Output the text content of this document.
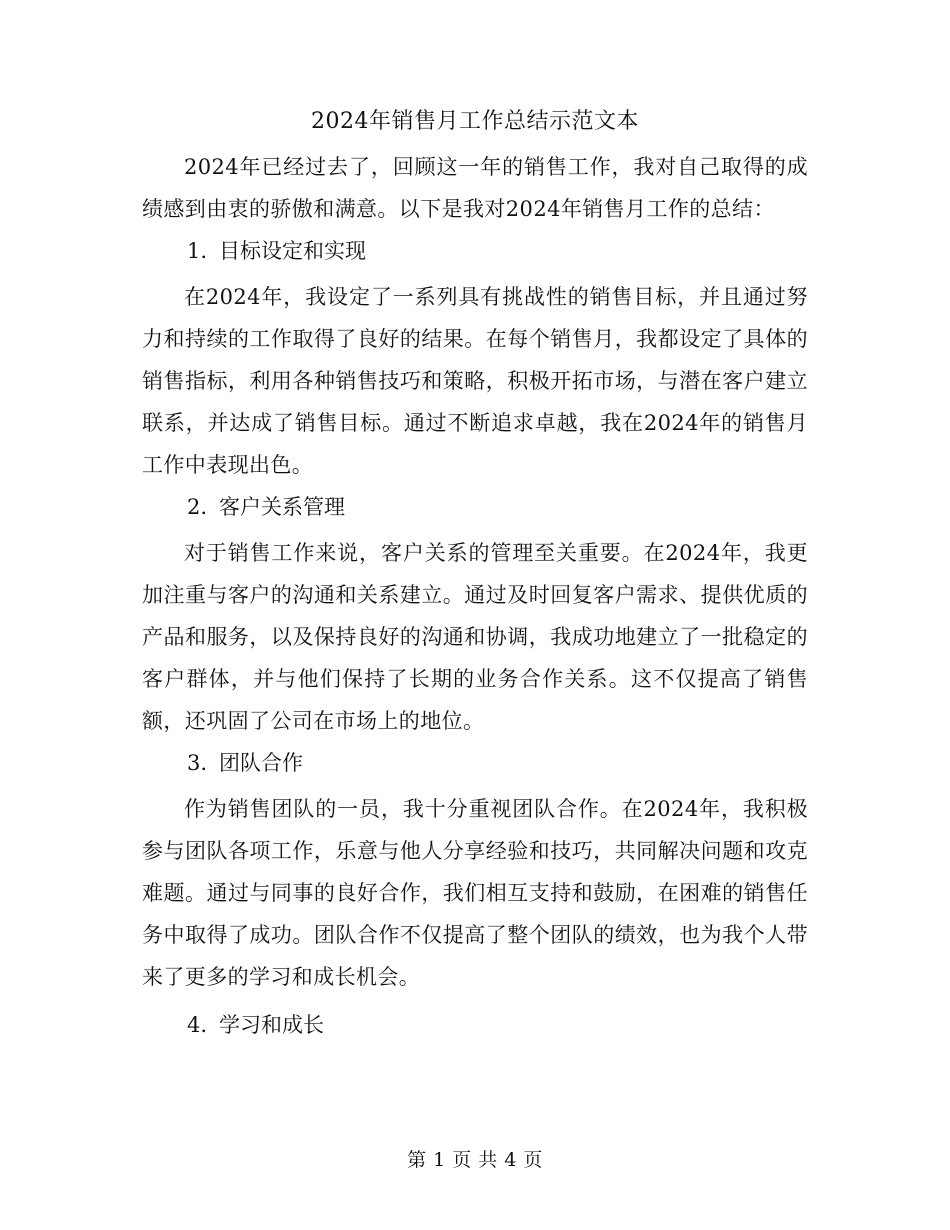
2024年销售月工作总结示范文本

2024年已经过去了，回顾这一年的销售工作，我对自己取得的成绩感到由衷的骄傲和满意。以下是我对2024年销售月工作的总结：

1. 目标设定和实现

在2024年，我设定了一系列具有挑战性的销售目标，并且通过努力和持续的工作取得了良好的结果。在每个销售月，我都设定了具体的销售指标，利用各种销售技巧和策略，积极开拓市场，与潜在客户建立联系，并达成了销售目标。通过不断追求卓越，我在2024年的销售月工作中表现出色。

2. 客户关系管理

对于销售工作来说，客户关系的管理至关重要。在2024年，我更加注重与客户的沟通和关系建立。通过及时回复客户需求、提供优质的产品和服务，以及保持良好的沟通和协调，我成功地建立了一批稳定的客户群体，并与他们保持了长期的业务合作关系。这不仅提高了销售额，还巩固了公司在市场上的地位。

3. 团队合作

作为销售团队的一员，我十分重视团队合作。在2024年，我积极参与团队各项工作，乐意与他人分享经验和技巧，共同解决问题和攻克难题。通过与同事的良好合作，我们相互支持和鼓励，在困难的销售任务中取得了成功。团队合作不仅提高了整个团队的绩效，也为我个人带来了更多的学习和成长机会。

4. 学习和成长
第 1 页 共 4 页
